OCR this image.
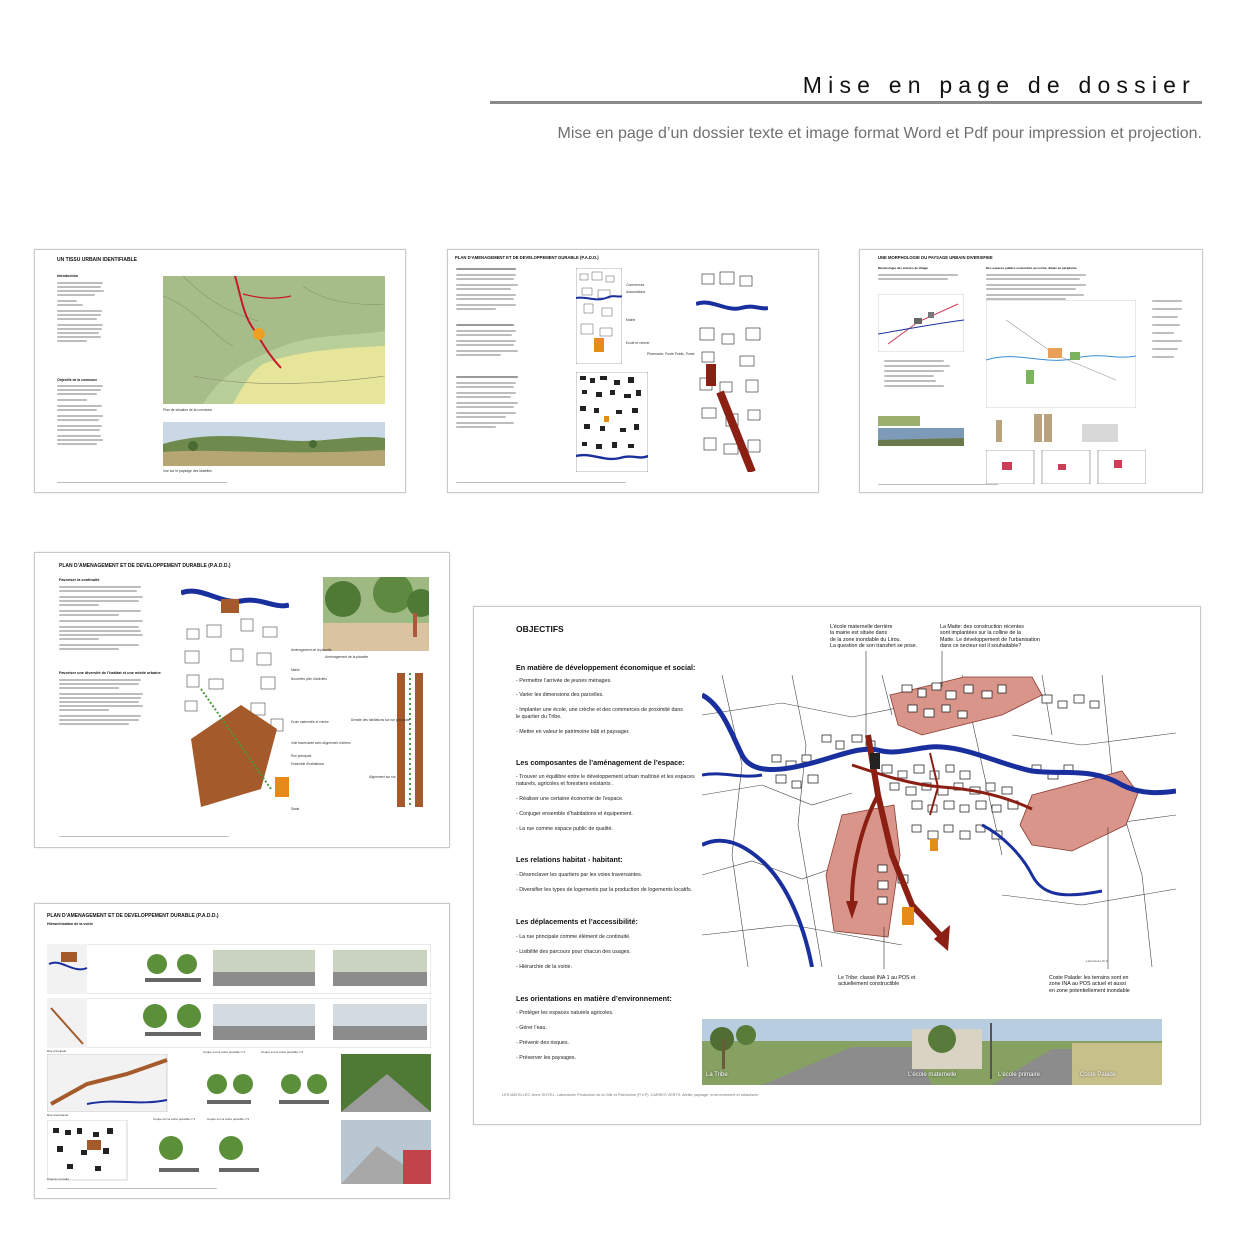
Mise en page de dossier
Mise en page d’un dossier texte et image format Word et Pdf pour impression et projection.
UN TISSU URBAIN IDENTIFIABLE
Introduction
Objectifs de la commune
Plan de situation de la commune
Vue sur le paysage des Matelles
PLAN D’AMENAGEMENT ET DE DEVELOPPEMENT DURABLE (P.A.D.D.)
Commerces
Associations
Mairie
Ecole et crèche
Pharmacie, Poste Public, Poste
UNE MORPHOLOGIE DU PAYSAGE URBAIN DIVERSIFIEE
Morphologie des entrées de village	Des espaces publics concentrés au centre, diluée en périphérie
PLAN D’AMENAGEMENT ET DE DEVELOPPEMENT DURABLE (P.A.D.D.)
Favoriser la continuité
Favoriser une diversité de l’habitat et une mixité urbaine
Aménagement de la placette
Aménagement de la placette
Mairie
Nouvelles pôle d’activités
Ecole maternelle et crèche
Voie traversante avec alignement d’arbres
Rue principale
Ensemble d’habitations
Stade
Densité des habitations sur rue principale
Alignement sur rue
PLAN D’AMENAGEMENT ET DE DEVELOPPEMENT DURABLE (P.A.D.D.)
Hiérarchisation de la voirie
Rue principale	Coupe sur la voirie possible n°1	Coupe sur la voirie possible n°2
Rue traversante
Coupe sur la voirie possible n°1	Coupe sur la voirie possible n°2
Chemin et ruelle
OBJECTIFS
En matière de développement économique et social:
- Permettre l’arrivée de jeunes ménages.
- Varier les dimensions des parcelles.
- Implanter une école, une crèche et des commerces de proximité dans
le quartier du Tribe.
- Mettre en valeur le patrimoine bâti et paysager.
Les composantes de l’aménagement de l’espace:
- Trouver un équilibre entre le développement urbain maîtrisé et les espaces
naturels, agricoles et forestiers existants .
- Réaliser une certaine économie de l’espace.
- Conjuger ensemble d’habitations et équipement.
- La rue comme espace public de qualité.
Les relations habitat - habitant:
- Désenclaver les quartiers par les voies traversantes.
- Diversifier les types de logements par la production de logements locatifs.
Les déplacements et l’accessibilité:
- La rue principale comme élément de continuité.
- Lisibilité des parcours pour chacun des usages.
- Hiérarchie de la voirie.
Les orientations en matière d’environnement:
- Protéger les espaces naturels agricoles.
- Gérer l’eau.
- Prévenir des risques.
- Préserver les paysages.
L’école maternelle derrière
la mairie est située dans
de la zone inondable du Lirou.
La question de son transfert se pose.
La Matte: des construction récentes
sont implantées sur la colline de la
Matte. Le développement de l’urbanisation
dans ce secteur est il souhaitable?
Le Tribe: classé INA 1 au POS et
actuellement constructible
Coste Palade: les terrains sont en
zone INA au POS actuel et aussi
en zone potentiellement inondable
Laboratoire P.I.P
La Tribe	L’école maternelle	L’école primaire	Coste Palade
LES MATELLES. Anne SIXTEL, Laboratoire Production de la Ville et Patrimoine (P.V.P), CARRES VERTS. Atelier paysage, environnement et urbanisme
